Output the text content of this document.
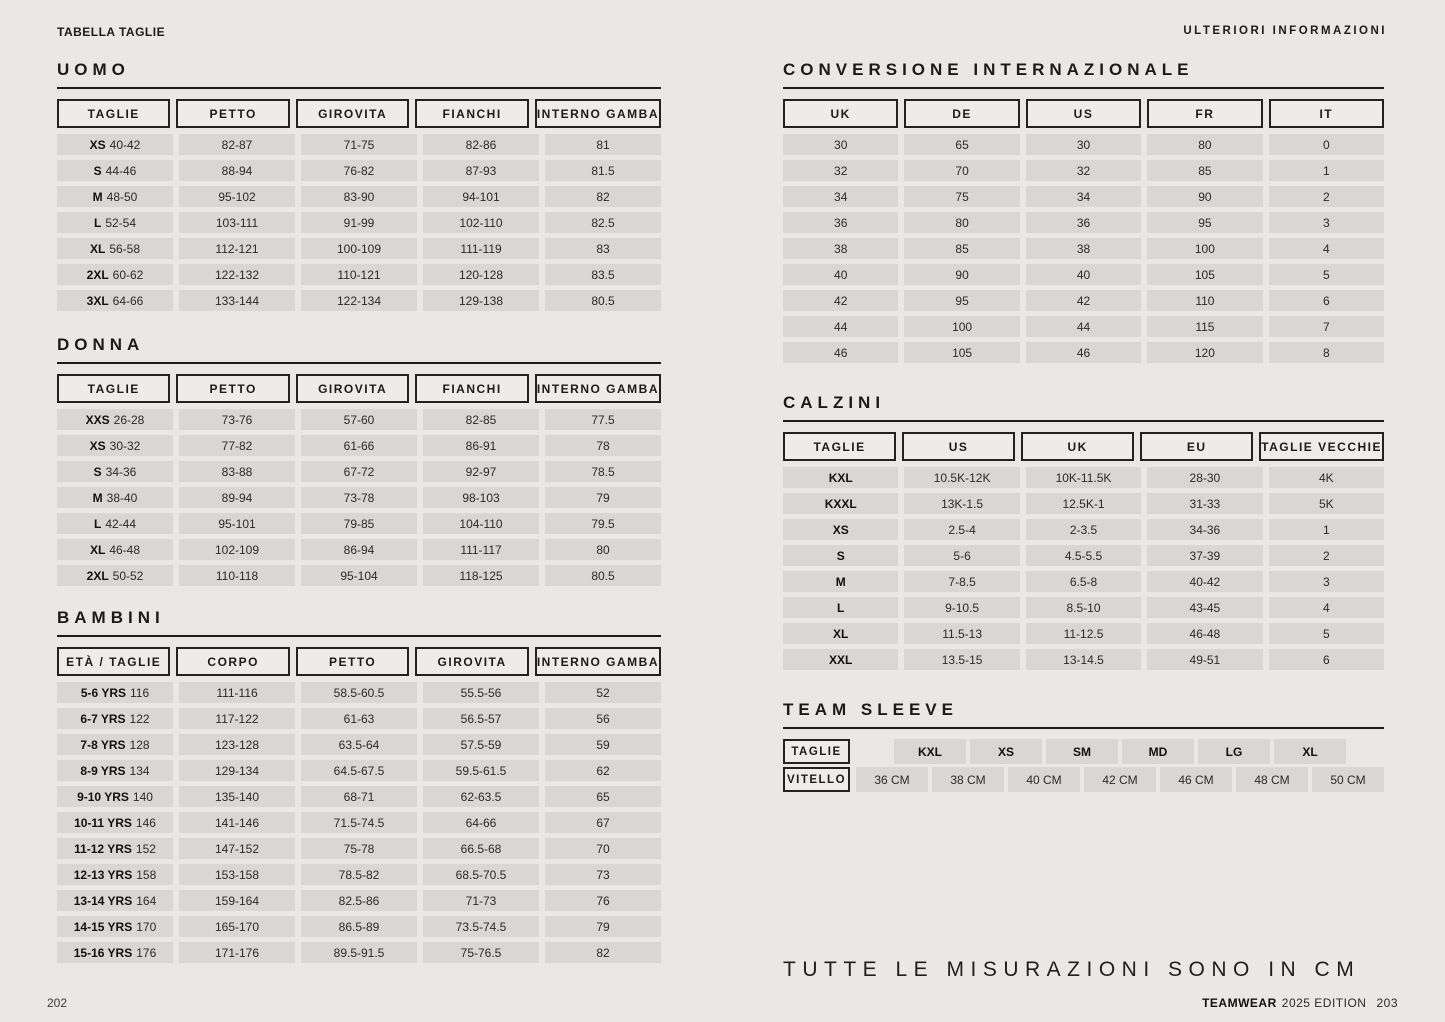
TABELLA TAGLIE	ULTERIORI INFORMAZIONI
UOMO
TAGLIE	PETTO	GIROVITA	FIANCHI	INTERNO GAMBA
XS 40-42	82-87	71-75	82-86	81
S 44-46	88-94	76-82	87-93	81.5
M 48-50	95-102	83-90	94-101	82
L 52-54	103-111	91-99	102-110	82.5
XL 56-58	112-121	100-109	111-119	83
2XL 60-62	122-132	110-121	120-128	83.5
3XL 64-66	133-144	122-134	129-138	80.5
DONNA
TAGLIE	PETTO	GIROVITA	FIANCHI	INTERNO GAMBA
XXS 26-28	73-76	57-60	82-85	77.5
XS 30-32	77-82	61-66	86-91	78
S 34-36	83-88	67-72	92-97	78.5
M 38-40	89-94	73-78	98-103	79
L 42-44	95-101	79-85	104-110	79.5
XL 46-48	102-109	86-94	111-117	80
2XL 50-52	110-118	95-104	118-125	80.5
BAMBINI
ETÀ / TAGLIE	CORPO	PETTO	GIROVITA	INTERNO GAMBA
5-6 YRS 116	111-116	58.5-60.5	55.5-56	52
6-7 YRS 122	117-122	61-63	56.5-57	56
7-8 YRS 128	123-128	63.5-64	57.5-59	59
8-9 YRS 134	129-134	64.5-67.5	59.5-61.5	62
9-10 YRS 140	135-140	68-71	62-63.5	65
10-11 YRS 146	141-146	71.5-74.5	64-66	67
11-12 YRS 152	147-152	75-78	66.5-68	70
12-13 YRS 158	153-158	78.5-82	68.5-70.5	73
13-14 YRS 164	159-164	82.5-86	71-73	76
14-15 YRS 170	165-170	86.5-89	73.5-74.5	79
15-16 YRS 176	171-176	89.5-91.5	75-76.5	82
CONVERSIONE INTERNAZIONALE
UK	DE	US	FR	IT
30	65	30	80	0
32	70	32	85	1
34	75	34	90	2
36	80	36	95	3
38	85	38	100	4
40	90	40	105	5
42	95	42	110	6
44	100	44	115	7
46	105	46	120	8
CALZINI
TAGLIE	US	UK	EU	TAGLIE VECCHIE
KXL	10.5K-12K	10K-11.5K	28-30	4K
KXXL	13K-1.5	12.5K-1	31-33	5K
XS	2.5-4	2-3.5	34-36	1
S	5-6	4.5-5.5	37-39	2
M	7-8.5	6.5-8	40-42	3
L	9-10.5	8.5-10	43-45	4
XL	11.5-13	11-12.5	46-48	5
XXL	13.5-15	13-14.5	49-51	6
TEAM SLEEVE
TAGLIE	KXL	XS	SM	MD	LG	XL
VITELLO	36 CM	38 CM	40 CM	42 CM	46 CM	48 CM	50 CM
TUTTE LE MISURAZIONI SONO IN CM
202	TEAMWEAR 2025 EDITION 203
